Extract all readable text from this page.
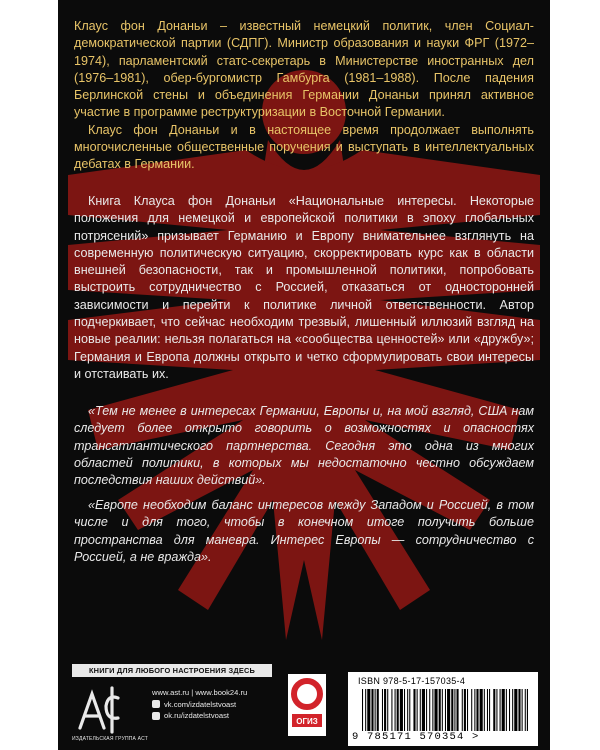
Клаус фон Донаньи – известный немецкий политик, член Социал-демократической партии (СДПГ). Министр образования и науки ФРГ (1972–1974), парламентский статс-секретарь в Министерстве иностранных дел (1976–1981), обер-бургомистр Гамбурга (1981–1988). После падения Берлинской стены и объединения Германии Донаньи принял активное участие в программе реструктуризации в Восточной Германии.

Клаус фон Донаньи и в настоящее время продолжает выполнять многочисленные общественные поручения и выступать в интеллектуальных дебатах в Германии.

Книга Клауса фон Донаньи «Национальные интересы. Некоторые положения для немецкой и европейской политики в эпоху глобальных потрясений» призывает Германию и Европу внимательнее взглянуть на современную политическую ситуацию, скорректировать курс как в области внешней безопасности, так и промышленной политики, попробовать выстроить сотрудничество с Россией, отказаться от односторонней зависимости и перейти к политике личной ответственности. Автор подчеркивает, что сейчас необходим трезвый, лишенный иллюзий взгляд на новые реалии: нельзя полагаться на «сообщества ценностей» или «дружбу»; Германия и Европа должны открыто и четко сформулировать свои интересы и отстаивать их.

«Тем не менее в интересах Германии, Европы и, на мой взгляд, США нам следует более открыто говорить о возможностях и опасностях трансатлантического партнерства. Сегодня это одна из многих областей политики, в которых мы недостаточно честно обсуждаем последствия наших действий».

«Европе необходим баланс интересов между Западом и Россией, в том числе и для того, чтобы в конечном итоге получить больше пространства для маневра. Интерес Европы — сотрудничество с Россией, а не вражда».

КНИГИ ДЛЯ ЛЮБОГО НАСТРОЕНИЯ ЗДЕСЬ
ИЗДАТЕЛЬСКАЯ ГРУППА АСТ
www.ast.ru | www.book24.ru
vk.com/izdatelstvoast
ok.ru/izdatelstvoast
ОГИЗ
ISBN 978-5-17-157035-4
9 785171 570354 >
